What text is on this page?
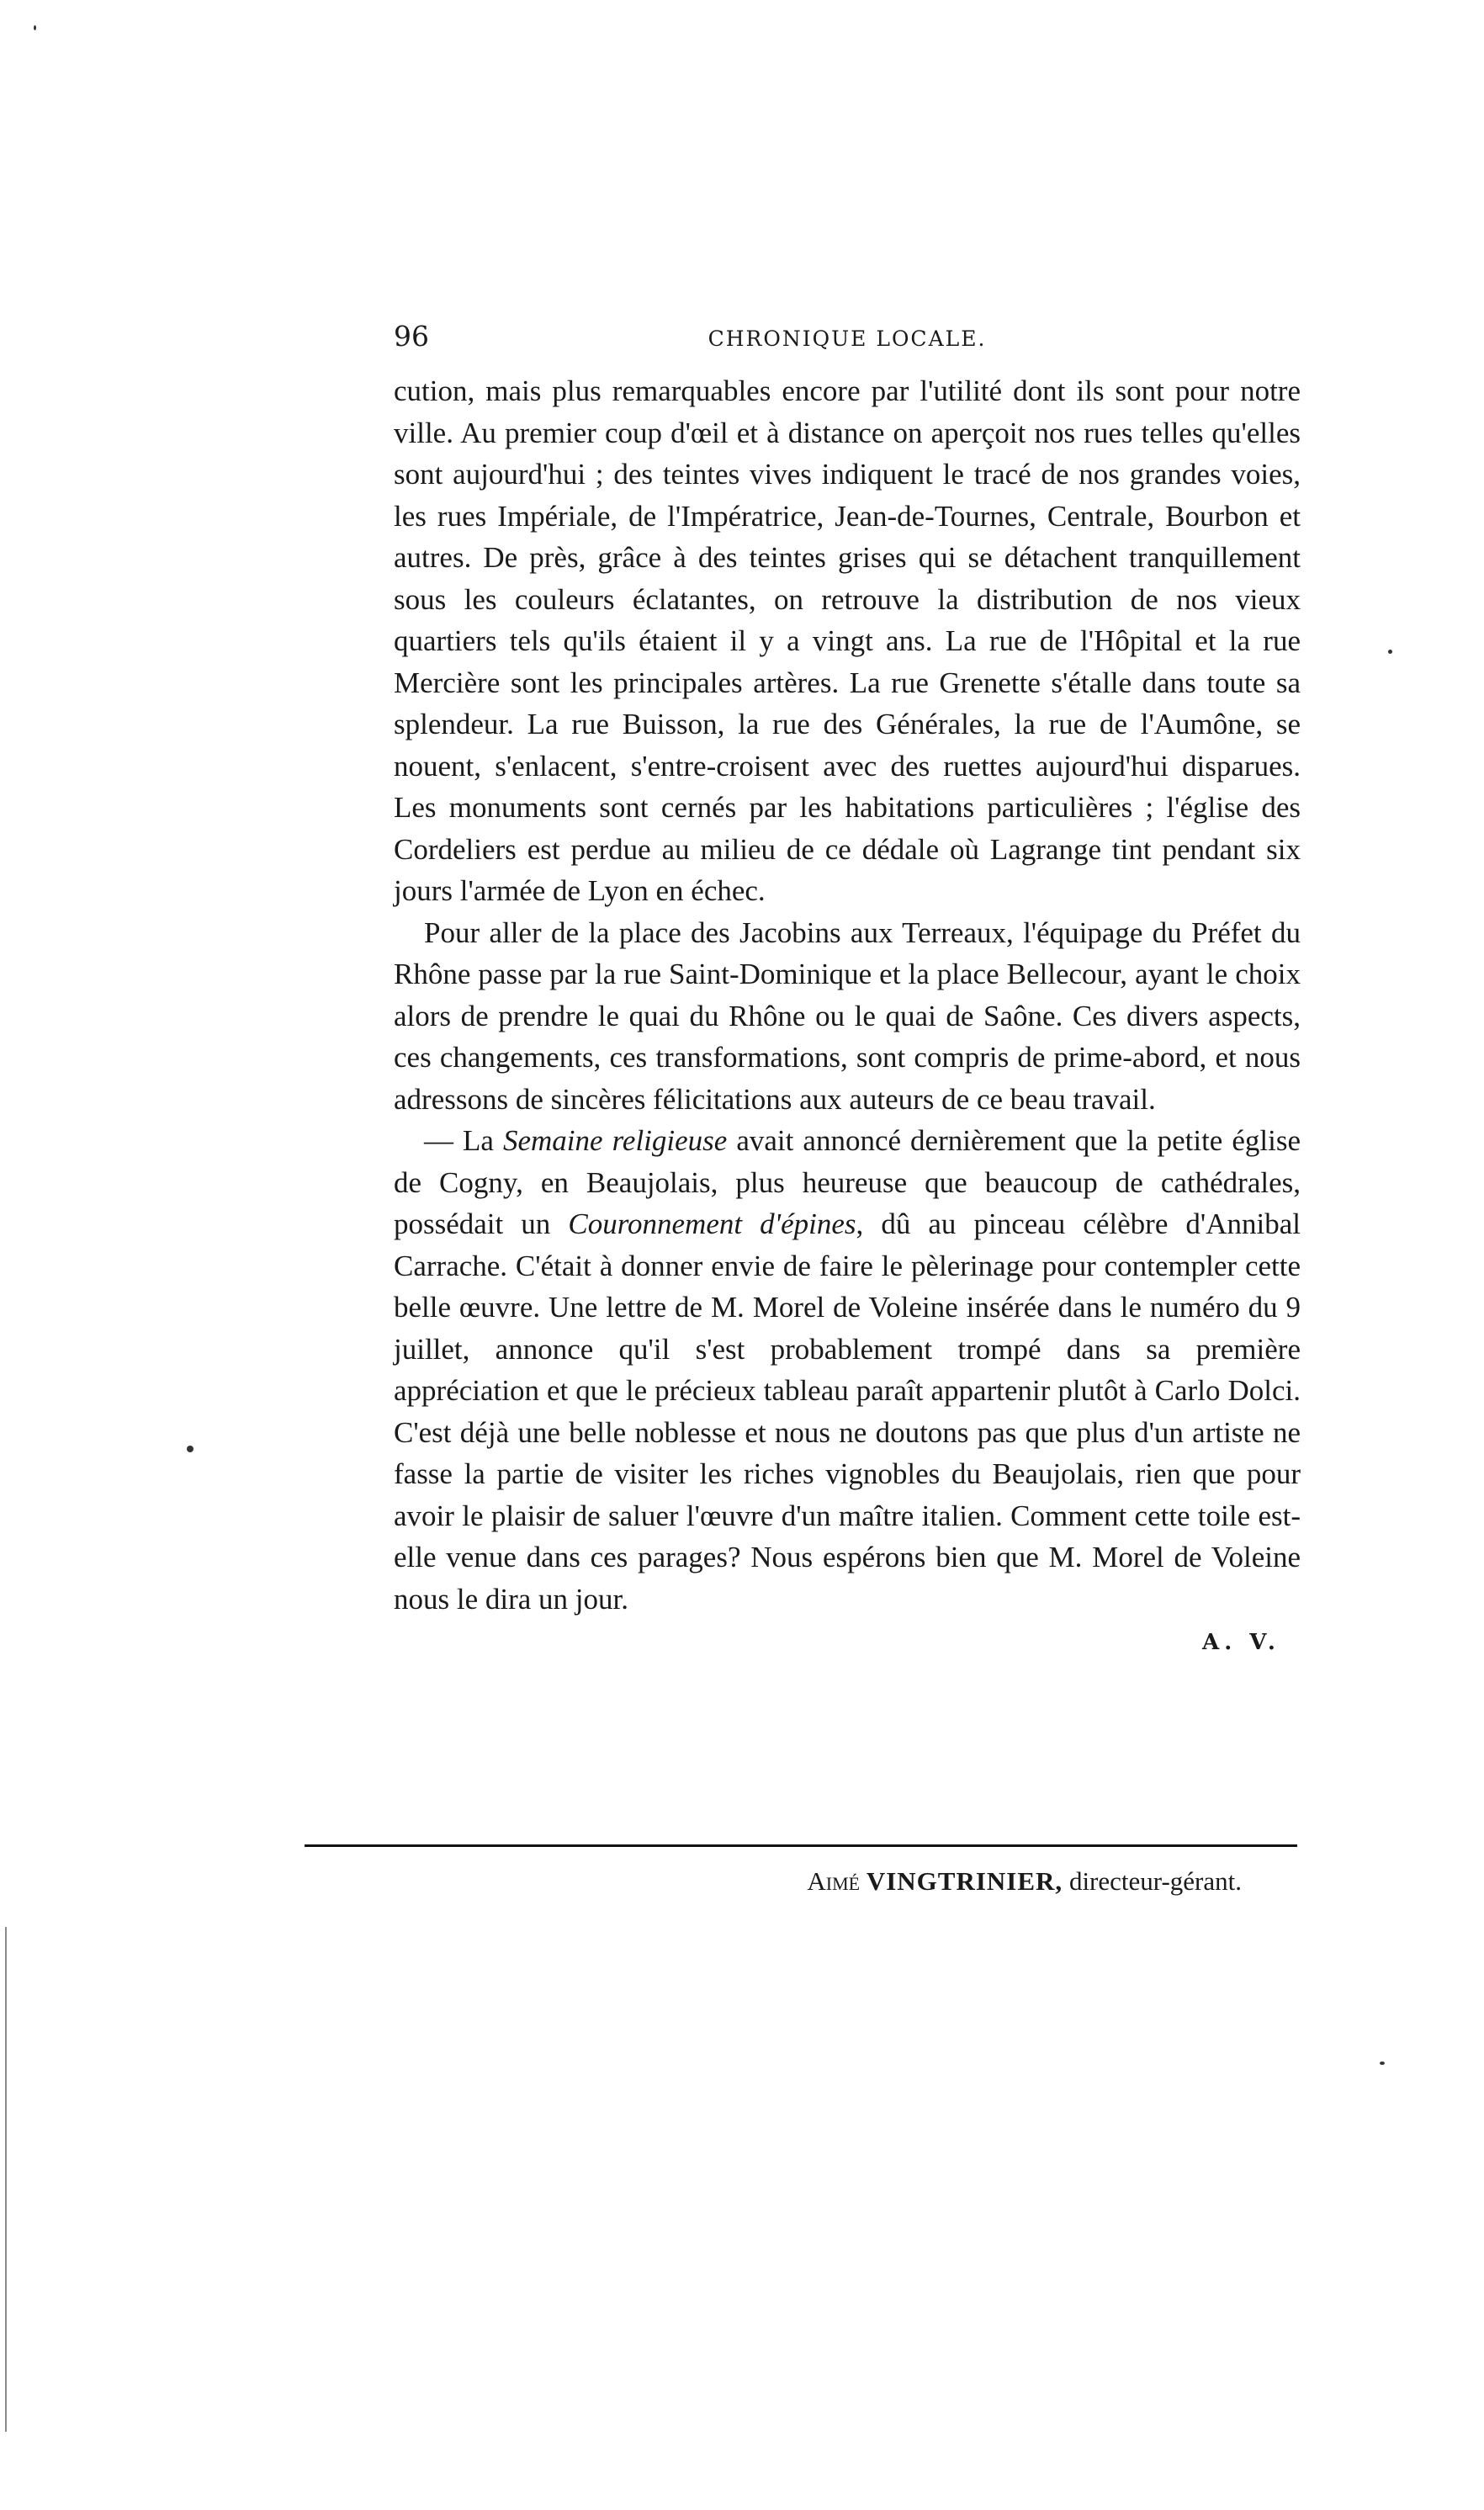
96	CHRONIQUE LOCALE.

cution, mais plus remarquables encore par l'utilité dont ils sont pour notre ville. Au premier coup d'œil et à distance on aperçoit nos rues telles qu'elles sont aujourd'hui ; des teintes vives indiquent le tracé de nos grandes voies, les rues Impériale, de l'Impératrice, Jean-de-Tournes, Centrale, Bourbon et autres. De près, grâce à des teintes grises qui se détachent tranquillement sous les couleurs éclatantes, on retrouve la distribution de nos vieux quartiers tels qu'ils étaient il y a vingt ans. La rue de l'Hôpital et la rue Mercière sont les principales artères. La rue Grenette s'étalle dans toute sa splendeur. La rue Buisson, la rue des Générales, la rue de l'Aumône, se nouent, s'enlacent, s'entre-croisent avec des ruettes aujourd'hui disparues. Les monuments sont cernés par les habitations particulières ; l'église des Cordeliers est perdue au milieu de ce dédale où Lagrange tint pendant six jours l'armée de Lyon en échec.

Pour aller de la place des Jacobins aux Terreaux, l'équipage du Préfet du Rhône passe par la rue Saint-Dominique et la place Bellecour, ayant le choix alors de prendre le quai du Rhône ou le quai de Saône. Ces divers aspects, ces changements, ces transformations, sont compris de prime-abord, et nous adressons de sincères félicitations aux auteurs de ce beau travail.

— La Semaine religieuse avait annoncé dernièrement que la petite église de Cogny, en Beaujolais, plus heureuse que beaucoup de cathédrales, possédait un Couronnement d'épines, dû au pinceau célèbre d'Annibal Carrache. C'était à donner envie de faire le pèlerinage pour contempler cette belle œuvre. Une lettre de M. Morel de Voleine insérée dans le numéro du 9 juillet, annonce qu'il s'est probablement trompé dans sa première appréciation et que le précieux tableau paraît appartenir plutôt à Carlo Dolci. C'est déjà une belle noblesse et nous ne doutons pas que plus d'un artiste ne fasse la partie de visiter les riches vignobles du Beaujolais, rien que pour avoir le plaisir de saluer l'œuvre d'un maître italien. Comment cette toile est-elle venue dans ces parages? Nous espérons bien que M. Morel de Voleine nous le dira un jour.

A. V.
Aimé VINGTRINIER, directeur-gérant.
